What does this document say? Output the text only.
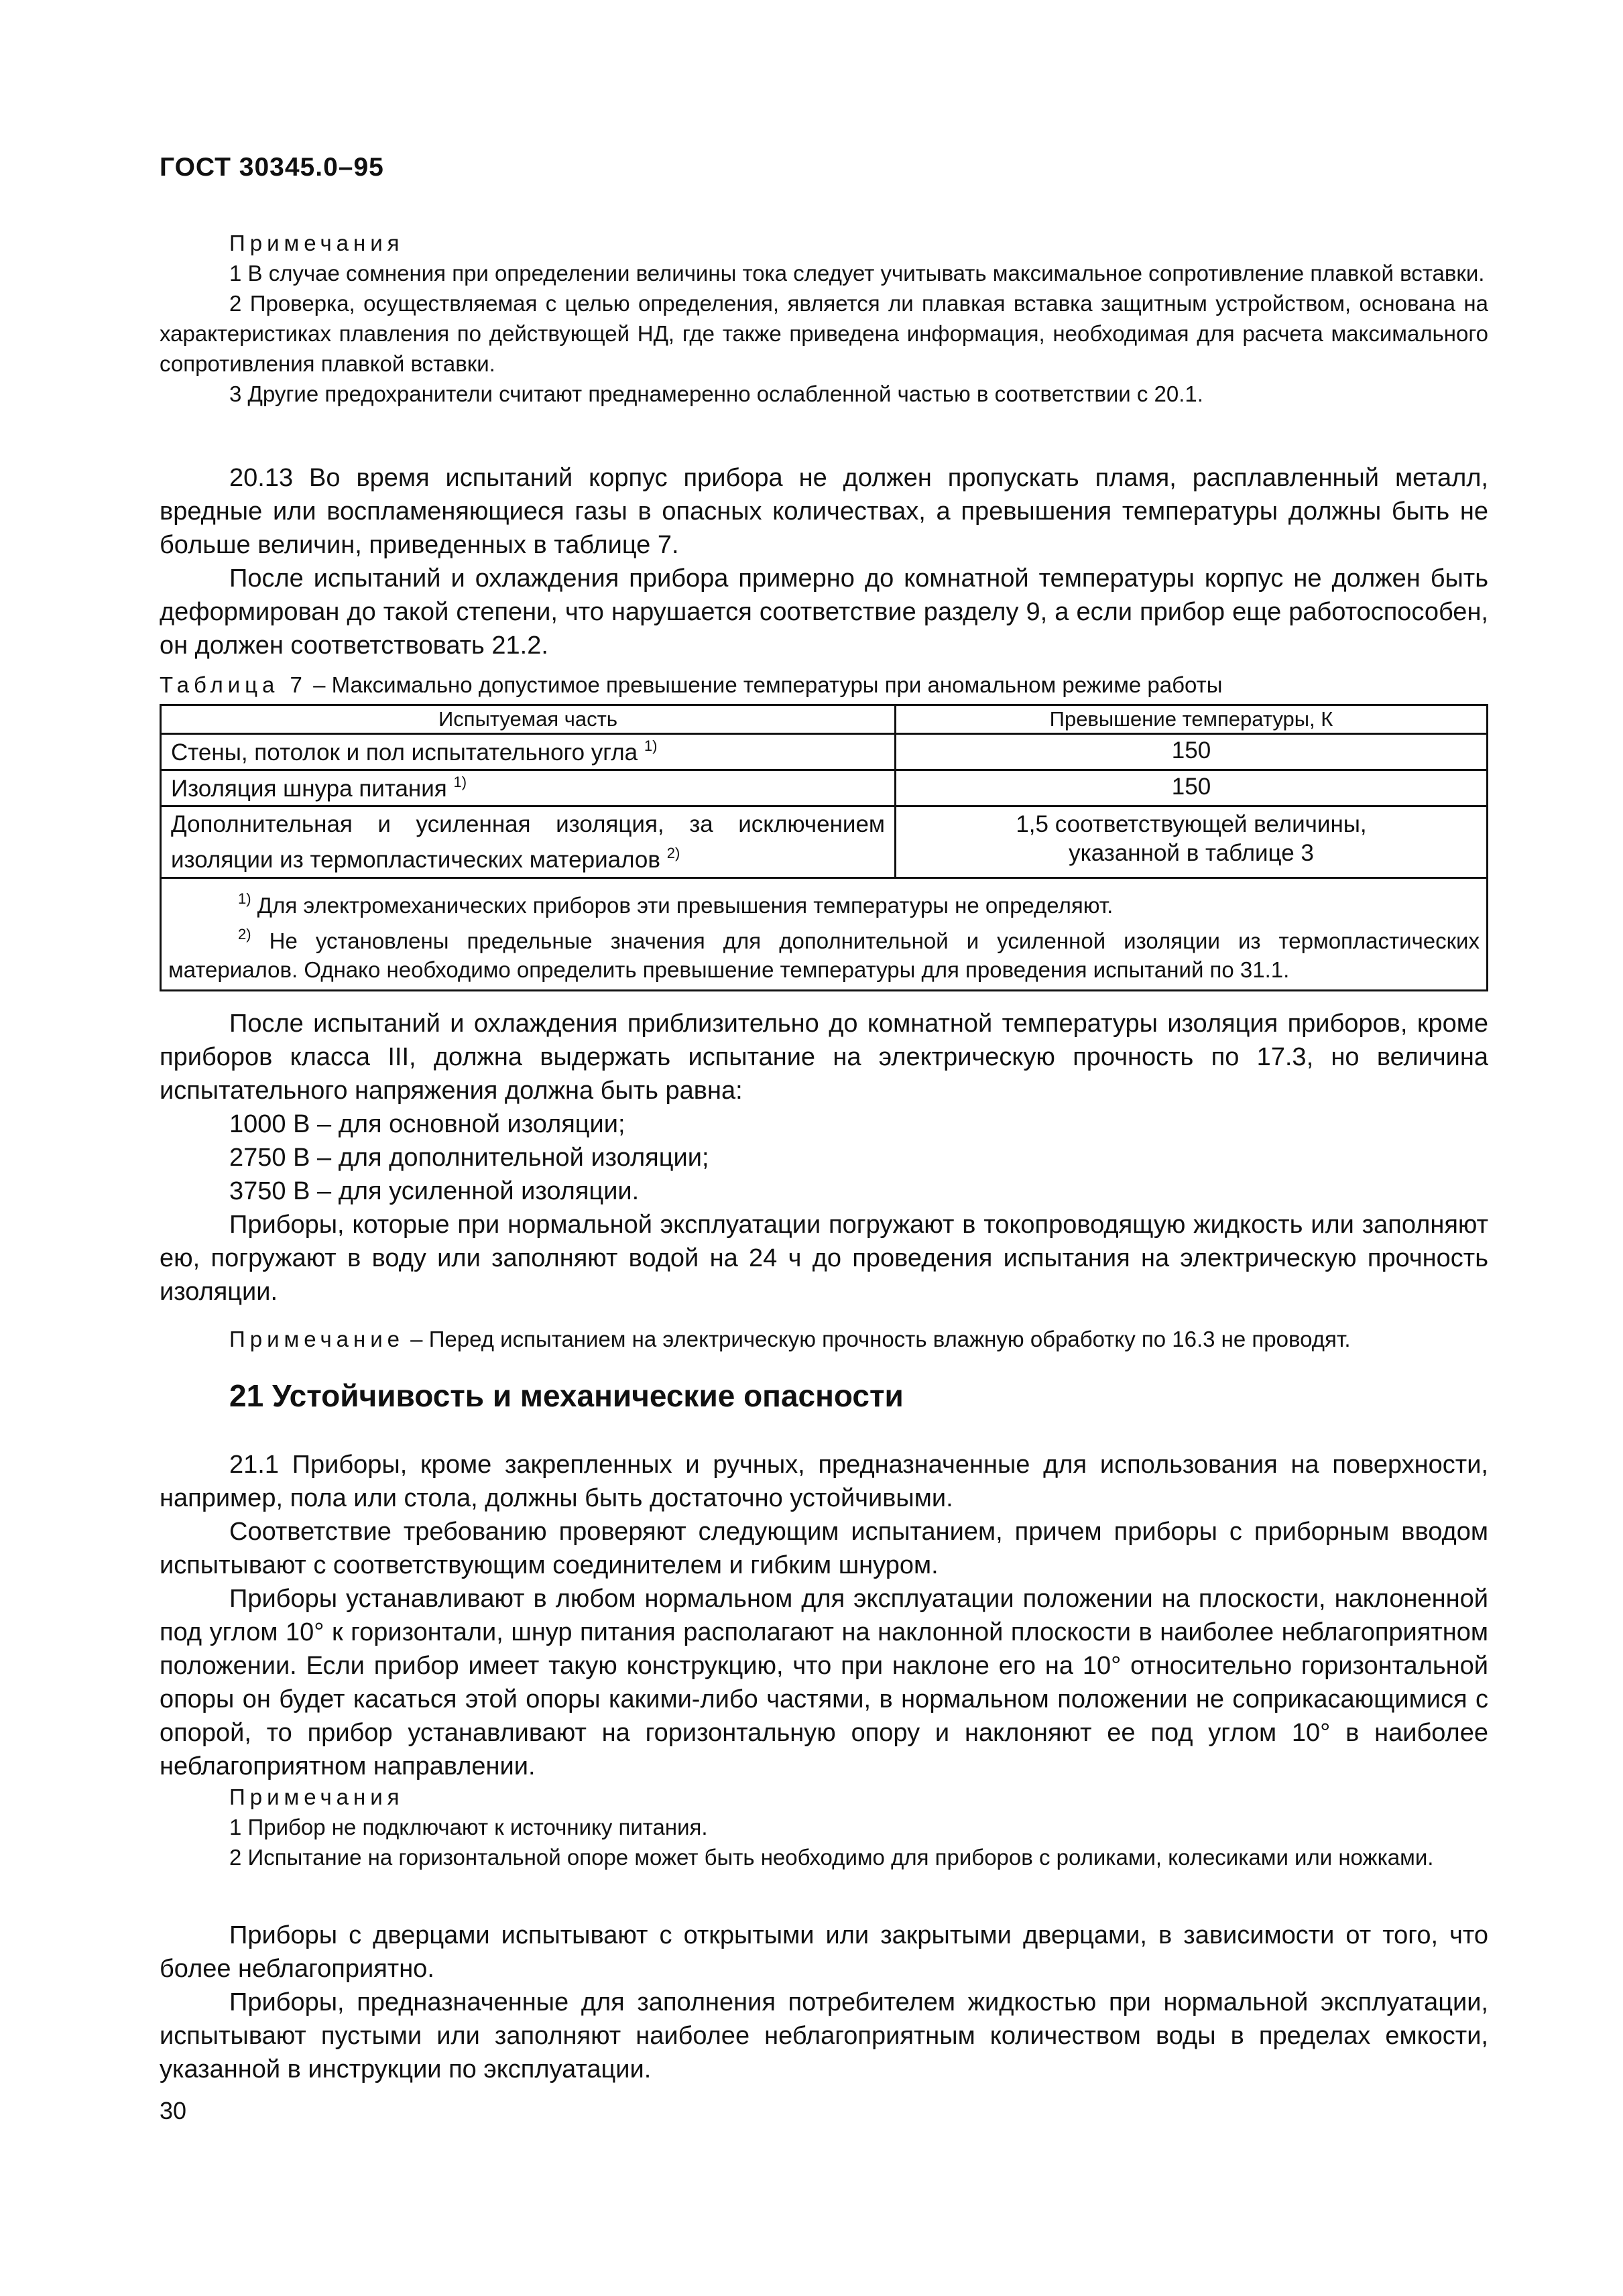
ГОСТ 30345.0–95
Примечания

1 В случае сомнения при определении величины тока следует учитывать максимальное сопротивление плавкой вставки.

2 Проверка, осуществляемая с целью определения, является ли плавкая вставка защитным устройством, основана на характеристиках плавления по действующей НД, где также приведена информация, необходимая для расчета максимального сопротивления плавкой вставки.

3 Другие предохранители считают преднамеренно ослабленной частью в соответствии с 20.1.

20.13 Во время испытаний корпус прибора не должен пропускать пламя, расплавленный металл, вредные или воспламеняющиеся газы в опасных количествах, а превышения температуры должны быть не больше величин, приведенных в таблице 7.

После испытаний и охлаждения прибора примерно до комнатной температуры корпус не должен быть деформирован до такой степени, что нарушается соответствие разделу 9, а если прибор еще работоспособен, он должен соответствовать 21.2.

Таблица 7 – Максимально допустимое превышение температуры при аномальном режиме работы
Испытуемая часть	Превышение температуры, К
Стены, потолок и пол испытательного угла $^{1)}$	150
Изоляция шнура питания $^{1)}$	150
Дополнительная и усиленная изоляция, за исключением изоляции из термопластических материалов $^{2)}$	1,5 соответствующей величины, указанной в таблице 3

$^{1)}$ Для электромеханических приборов эти превышения температуры не определяют.
$^{2)}$ Не установлены предельные значения для дополнительной и усиленной изоляции из термопластических материалов. Однако необходимо определить превышение температуры для проведения испытаний по 31.1.	

После испытаний и охлаждения приблизительно до комнатной температуры изоляция приборов, кроме приборов класса III, должна выдержать испытание на электрическую прочность по 17.3, но величина испытательного напряжения должна быть равна:

1000 В – для основной изоляции;

2750 В – для дополнительной изоляции;

3750 В – для усиленной изоляции.

Приборы, которые при нормальной эксплуатации погружают в токопроводящую жидкость или заполняют ею, погружают в воду или заполняют водой на 24 ч до проведения испытания на электрическую прочность изоляции.

Примечание – Перед испытанием на электрическую прочность влажную обработку по 16.3 не проводят.

21 Устойчивость и механические опасности

21.1 Приборы, кроме закрепленных и ручных, предназначенные для использования на поверхности, например, пола или стола, должны быть достаточно устойчивыми.

Соответствие требованию проверяют следующим испытанием, причем приборы с приборным вводом испытывают с соответствующим соединителем и гибким шнуром.

Приборы устанавливают в любом нормальном для эксплуатации положении на плоскости, наклоненной под углом 10° к горизонтали, шнур питания располагают на наклонной плоскости в наиболее неблагоприятном положении. Если прибор имеет такую конструкцию, что при наклоне его на 10° относительно горизонтальной опоры он будет касаться этой опоры какими-либо частями, в нормальном положении не соприкасающимися с опорой, то прибор устанавливают на горизонтальную опору и наклоняют ее под углом 10° в наиболее неблагоприятном направлении.

Примечания

1 Прибор не подключают к источнику питания.

2 Испытание на горизонтальной опоре может быть необходимо для приборов с роликами, колесиками или ножками.

Приборы с дверцами испытывают с открытыми или закрытыми дверцами, в зависимости от того, что более неблагоприятно.

Приборы, предназначенные для заполнения потребителем жидкостью при нормальной эксплуатации, испытывают пустыми или заполняют наиболее неблагоприятным количеством воды в пределах емкости, указанной в инструкции по эксплуатации.

30
